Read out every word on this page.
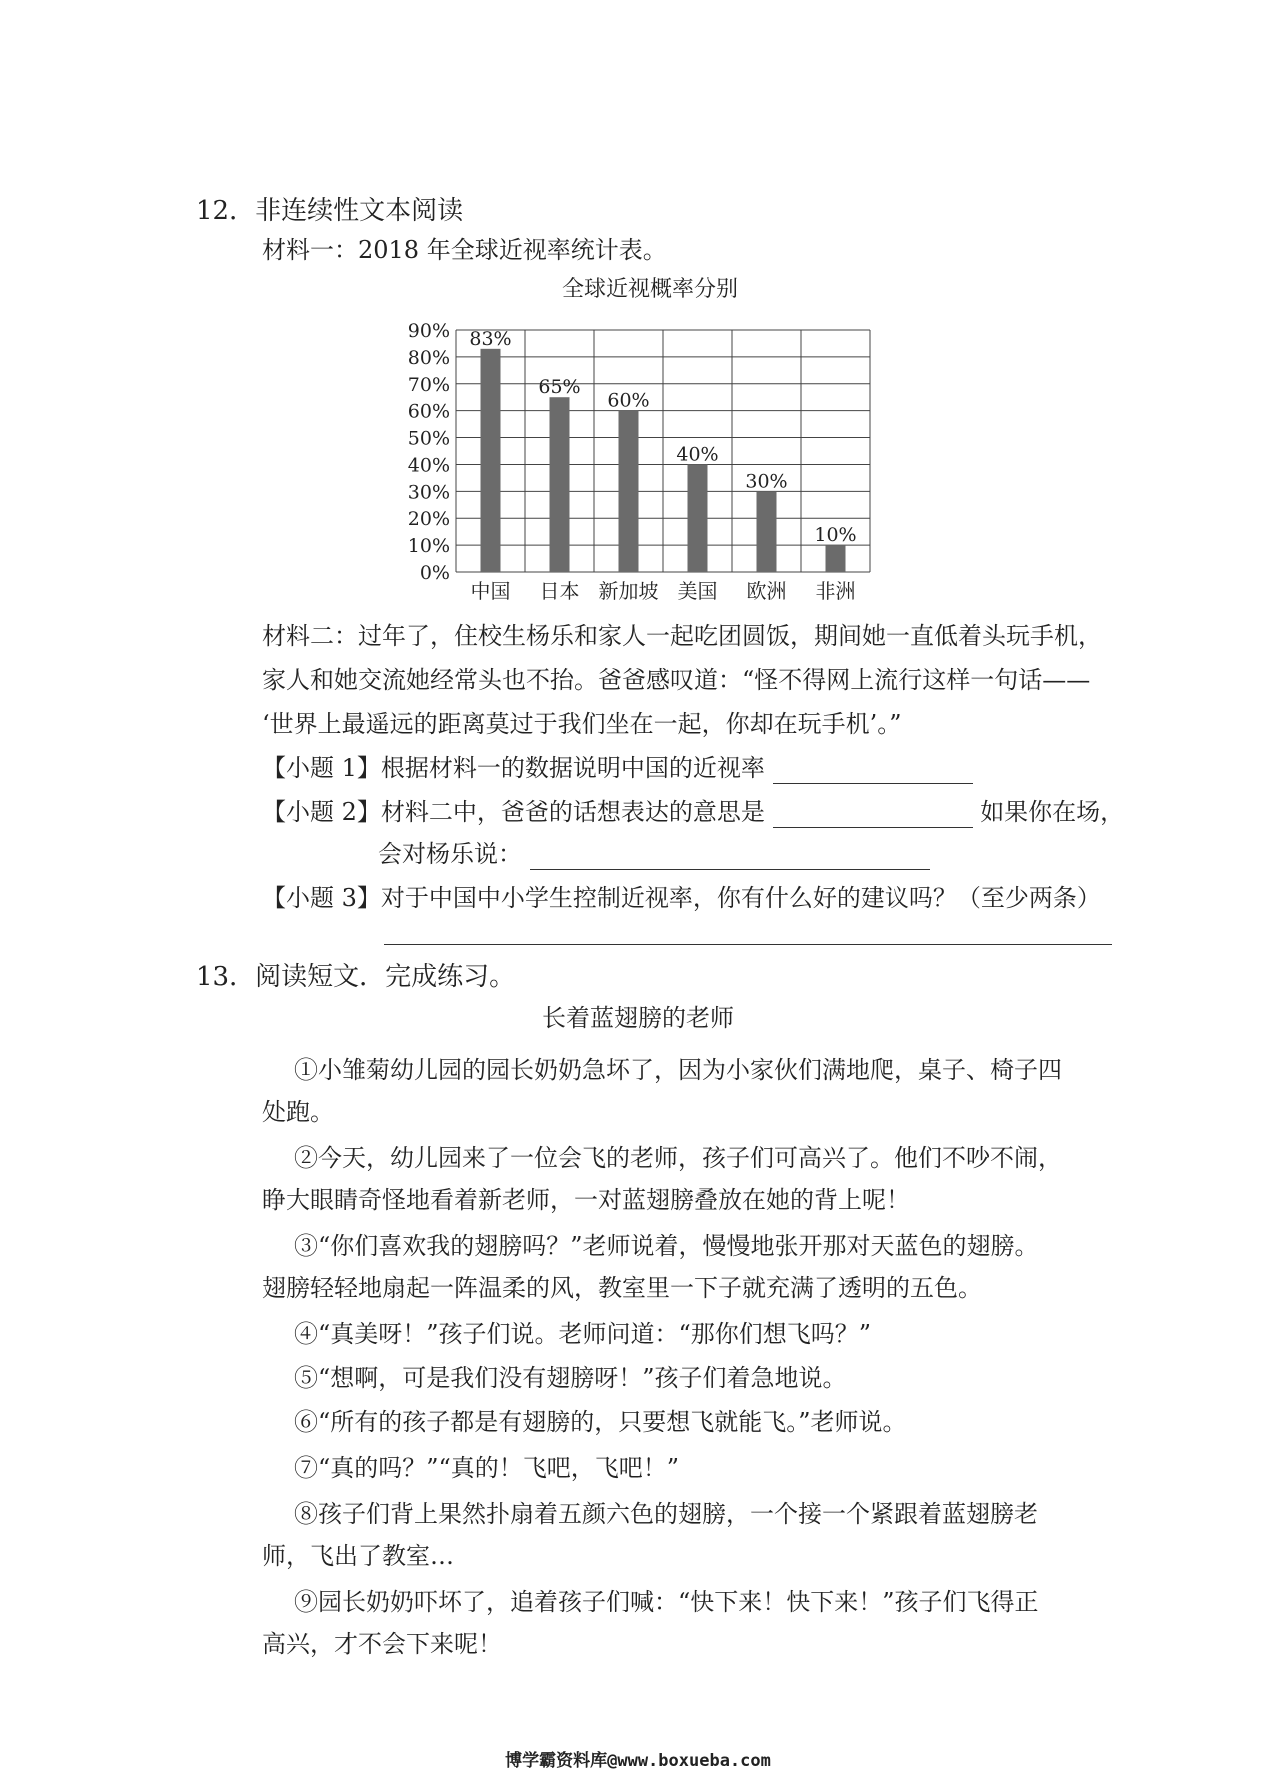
12．非连续性文本阅读
材料一：2018 年全球近视率统计表。
全球近视概率分别
0%
10%
20%
30%
40%
50%
60%
70%
80%
90%
中国 日本 新加坡 美国 欧洲 非洲
83%
65%
60%
40%
30%
10%
材料二：过年了，住校生杨乐和家人一起吃团圆饭，期间她一直低着头玩手机，
家人和她交流她经常头也不抬。爸爸感叹道：“怪不得网上流行这样一句话——
‘世界上最遥远的距离莫过于我们坐在一起，你却在玩手机’。”
【小题 1】根据材料一的数据说明中国的近视率
【小题 2】材料二中，爸爸的话想表达的意思是	如果你在场，
会对杨乐说：
【小题 3】对于中国中小学生控制近视率，你有什么好的建议吗？（至少两条）
13．阅读短文．完成练习。
长着蓝翅膀的老师
①小雏菊幼儿园的园长奶奶急坏了，因为小家伙们满地爬，桌子、椅子四
处跑。
②今天，幼儿园来了一位会飞的老师，孩子们可高兴了。他们不吵不闹，
睁大眼睛奇怪地看着新老师，一对蓝翅膀叠放在她的背上呢！
③“你们喜欢我的翅膀吗？”老师说着，慢慢地张开那对天蓝色的翅膀。
翅膀轻轻地扇起一阵温柔的风，教室里一下子就充满了透明的五色。
④“真美呀！”孩子们说。老师问道：“那你们想飞吗？”
⑤“想啊，可是我们没有翅膀呀！”孩子们着急地说。
⑥“所有的孩子都是有翅膀的，只要想飞就能飞。”老师说。
⑦“真的吗？”“真的！飞吧，飞吧！”
⑧孩子们背上果然扑扇着五颜六色的翅膀，一个接一个紧跟着蓝翅膀老
师，飞出了教室…
⑨园长奶奶吓坏了，追着孩子们喊：“快下来！快下来！”孩子们飞得正
高兴，才不会下来呢！
博学霸资料库@www.boxueba.com
